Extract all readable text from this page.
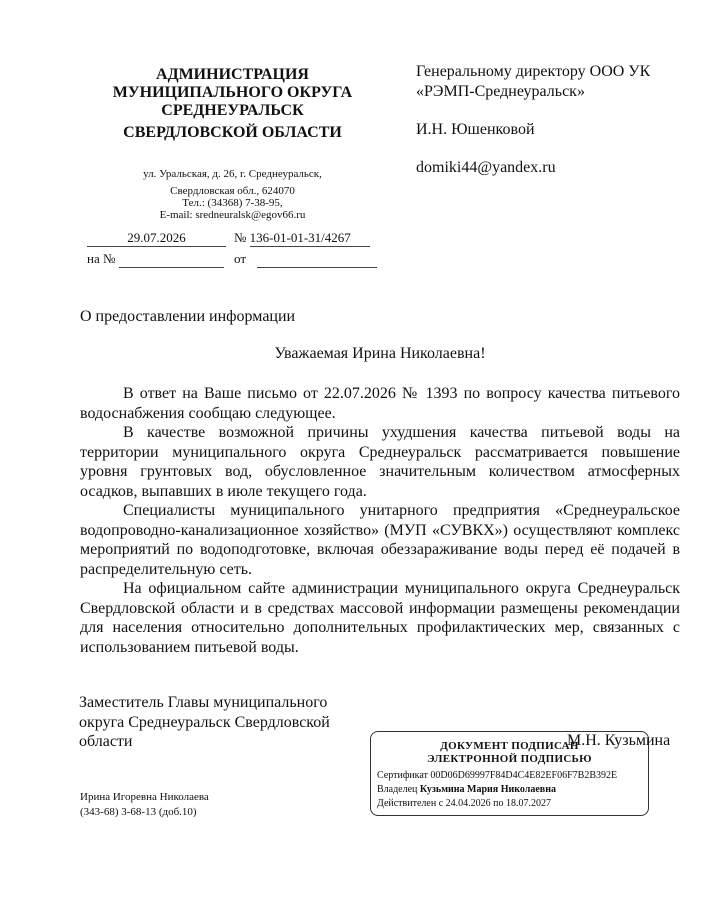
АДМИНИСТРАЦИЯ
МУНИЦИПАЛЬНОГО ОКРУГА
СРЕДНЕУРАЛЬСК
СВЕРДЛОВСКОЙ ОБЛАСТИ
ул. Уральская, д. 26, г. Среднеуральск,
Свердловская обл., 624070
Тел.: (34368) 7-38-95,
E-mail: sredneuralsk@egov66.ru
29.07.2026	№ 136-01-01-31/4267
на №	от
Генеральному директору ООО УК
«РЭМП-Среднеуральск»
И.Н. Юшенковой
domiki44@yandex.ru
О предоставлении информации
Уважаемая Ирина Николаевна!

В ответ на Ваше письмо от 22.07.2026 № 1393 по вопросу качества питьевого водоснабжения сообщаю следующее.

В качестве возможной причины ухудшения качества питьевой воды на территории муниципального округа Среднеуральск рассматривается повышение уровня грунтовых вод, обусловленное значительным количеством атмосферных осадков, выпавших в июле текущего года.

Специалисты муниципального унитарного предприятия «Среднеуральское водопроводно-канализационное хозяйство» (МУП «СУВКХ») осуществляют комплекс мероприятий по водоподготовке, включая обеззараживание воды перед её подачей в распределительную сеть.

На официальном сайте администрации муниципального округа Среднеуральск Свердловской области и в средствах массовой информации размещены рекомендации для населения относительно дополнительных профилактических мер, связанных с использованием питьевой воды.

Заместитель Главы муниципального
округа Среднеуральск Свердловской
области	ДОКУМЕНТ ПОДПИСАН
ЭЛЕКТРОННОЙ ПОДПИСЬЮ
Сертификат 00D06D69997F84D4C4E82EF06F7B2B392E
Владелец Кузьмина Мария Николаевна
Действителен с 24.04.2026 по 18.07.2027
М.Н. Кузьмина
Ирина Игоревна Николаева
(343-68) 3-68-13 (доб.10)
